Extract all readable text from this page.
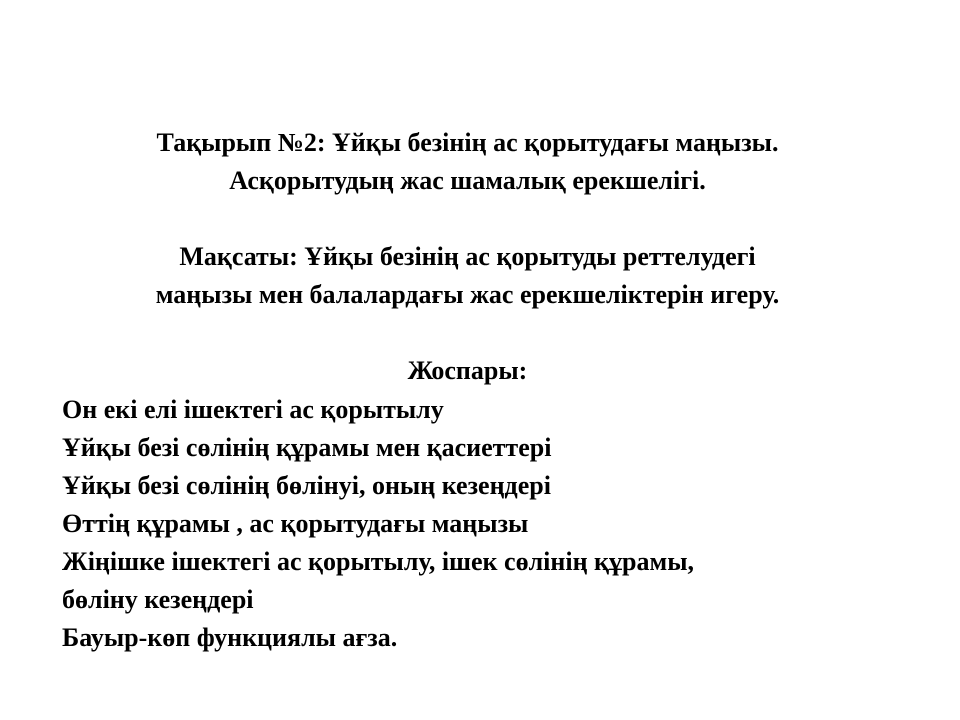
Тақырып №2: Ұйқы безінің ас қорытудағы маңызы.
Асқорытудың жас шамалық ерекшелігі.
Мақсаты: Ұйқы безінің ас қорытуды реттелудегі
маңызы мен балалардағы жас ерекшеліктерін игеру.
Жоспары:
Он екі елі ішектегі ас қорытылу
Ұйқы безі сөлінің құрамы мен қасиеттері
Ұйқы безі сөлінің бөлінуі, оның кезеңдері
Өттің құрамы , ас қорытудағы маңызы
Жіңішке ішектегі ас қорытылу, ішек сөлінің құрамы,
бөліну кезеңдері
Бауыр-көп функциялы ағза.
